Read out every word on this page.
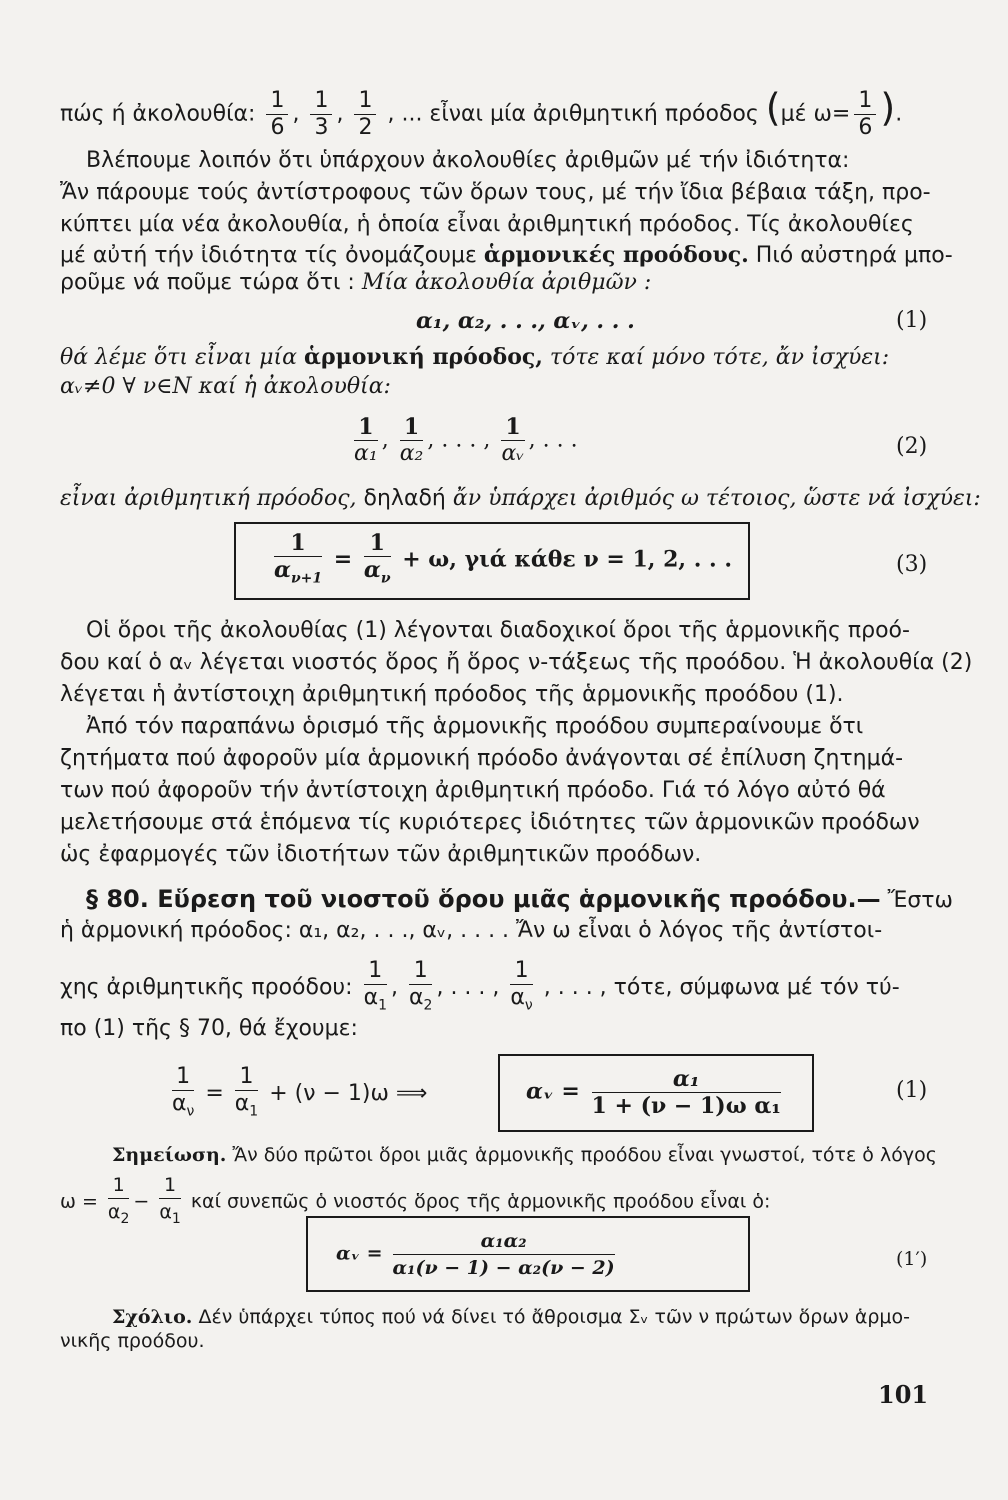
πώς ή ἀκολουθία: $\frac{1}{6}$ , $\frac{1}{3}$ , $\frac{1}{2}$ , ... εἶναι μία ἀριθμητική πρόοδος (μέ $\omega= \frac{1}{6}$ ).
Βλέπουμε λοιπόν ὅτι ὑπάρχουν ἀκολουθίες ἀριθμῶν μέ τήν ἰδιότητα:
Ἄν πάρουμε τούς ἀντίστροφους τῶν ὅρων τους, μέ τήν ἴδια βέβαια τάξη, προ-
κύπτει μία νέα ἀκολουθία, ἡ ὁποία εἶναι ἀριθμητική πρόοδος. Τίς ἀκολουθίες
μέ αὐτή τήν ἰδιότητα τίς ὀνομάζουμε ἁρμονικές προόδους. Πιό αὐστηρά μπο-
ροῦμε νά ποῦμε τώρα ὅτι : Μία ἀκολουθία ἀριθμῶν :
α₁, α₂, . . ., αᵥ, . . .	(1)
θά λέμε ὅτι εἶναι μία ἁρμονική πρόοδος, τότε καί μόνο τότε, ἄν ἰσχύει:
αᵥ≠0 ∀ ν∈N καί ἡ ἀκολουθία:
$\frac{1}{\text{α₁}}$ , $\frac{1}{\text{α₂}}$ , . . . , $\frac{1}{\text{αᵥ}}$ , . . .	(2)
εἶναι ἀριθμητική πρόοδος, δηλαδή ἄν ὑπάρχει ἀριθμός ω τέτοιος, ὥστε νά ἰσχύει:
$\frac{1}{\alpha_{\nu+1}} = \frac{1}{\alpha_\nu} + \omega$, γιά κάθε ν = 1, 2, . . .	(3)
Οἱ ὅροι τῆς ἀκολουθίας (1) λέγονται διαδοχικοί ὅροι τῆς ἁρμονικῆς προό-
δου καί ὁ αᵥ λέγεται νιοστός ὅρος ἤ ὅρος ν-τάξεως τῆς προόδου. Ἡ ἀκολουθία (2)
λέγεται ἡ ἀντίστοιχη ἀριθμητική πρόοδος τῆς ἁρμονικῆς προόδου (1).
Ἀπό τόν παραπάνω ὁρισμό τῆς ἁρμονικῆς προόδου συμπεραίνουμε ὅτι
ζητήματα πού ἀφοροῦν μία ἁρμονική πρόοδο ἀνάγονται σέ ἐπίλυση ζητημά-
των πού ἀφοροῦν τήν ἀντίστοιχη ἀριθμητική πρόοδο. Γιά τό λόγο αὐτό θά
μελετήσουμε στά ἑπόμενα τίς κυριότερες ἰδιότητες τῶν ἁρμονικῶν προόδων
ὡς ἐφαρμογές τῶν ἰδιοτήτων τῶν ἀριθμητικῶν προόδων.
§ 80. Εὕρεση τοῦ νιοστοῦ ὅρου μιᾶς ἁρμονικῆς προόδου.— Ἔστω
ἡ ἁρμονική πρόοδος: α₁, α₂, . . ., αᵥ, . . . . Ἄν ω εἶναι ὁ λόγος τῆς ἀντίστοι-
χης ἀριθμητικῆς προόδου: $\frac{1}{\alpha_1}$ , $\frac{1}{\alpha_2}$ , . . . , $\frac{1}{\alpha_\nu}$ , . . . , τότε, σύμφωνα μέ τόν τύ-
πο (1) τῆς § 70, θά ἔχουμε:
$\frac{1}{\alpha_\nu} = \frac{1}{\alpha_1} + (\nu - 1)\omega$ ⟹	αᵥ = $\frac{\text{α₁}}{\text{1 + (ν − 1)ω α₁}}$	(1)
Σημείωση. Ἄν δύο πρῶτοι ὅροι μιᾶς ἁρμονικῆς προόδου εἶναι γνωστοί, τότε ὁ λόγος
$\omega = \frac{1}{\alpha_2} - \frac{1}{\alpha_1}$ καί συνεπῶς ὁ νιοστός ὅρος τῆς ἁρμονικῆς προόδου εἶναι ὁ:
αᵥ = $\frac{\text{α₁α₂}}{\text{α₁(ν − 1) − α₂(ν − 2)}}$	(1′)
Σχόλιο. Δέν ὑπάρχει τύπος πού νά δίνει τό ἄθροισμα Σᵥ τῶν ν πρώτων ὅρων ἁρμο-
νικῆς προόδου.
101
